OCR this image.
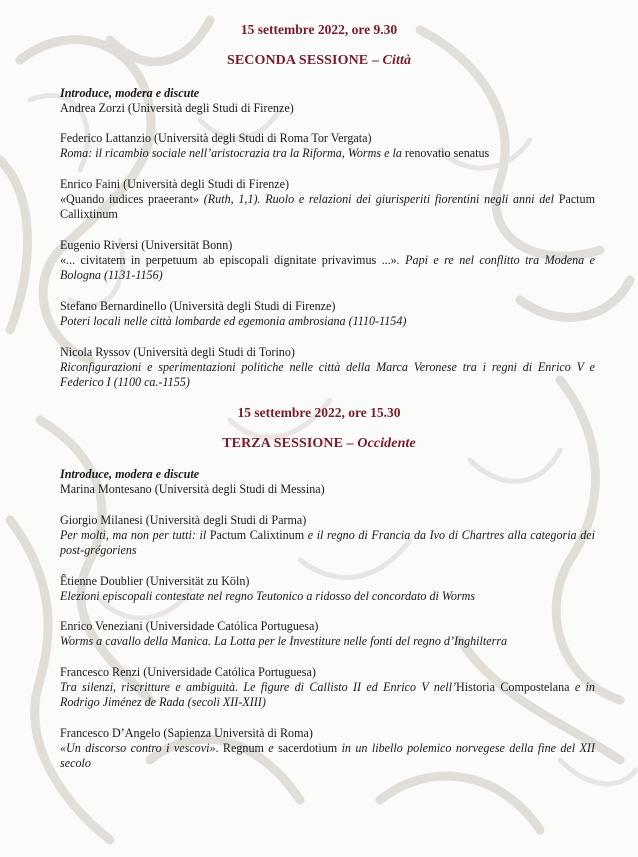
15 settembre 2022, ore 9.30
SECONDA SESSIONE – Città
Introduce, modera e discute
Andrea Zorzi (Università degli Studi di Firenze)
Federico Lattanzio (Università degli Studi di Roma Tor Vergata)
Roma: il ricambio sociale nell’aristocrazia tra la Riforma, Worms e la renovatio senatus
Enrico Faini (Università degli Studi di Firenze)
«Quando iudices praeerant» (Ruth, 1,1). Ruolo e relazioni dei giurisperiti fiorentini negli anni del Pactum Callixtinum
Eugenio Riversi (Universität Bonn)
«... civitatem in perpetuum ab episcopali dignitate privavimus ...». Papi e re nel conflitto tra Modena e Bologna (1131-1156)
Stefano Bernardinello (Università degli Studi di Firenze)
Poteri locali nelle città lombarde ed egemonia ambrosiana (1110-1154)
Nicola Ryssov (Università degli Studi di Torino)
Riconfigurazioni e sperimentazioni politiche nelle città della Marca Veronese tra i regni di Enrico V e Federico I (1100 ca.-1155)
15 settembre 2022, ore 15.30
TERZA SESSIONE – Occidente
Introduce, modera e discute
Marina Montesano (Università degli Studi di Messina)
Giorgio Milanesi (Università degli Studi di Parma)
Per molti, ma non per tutti: il Pactum Calixtinum e il regno di Francia da Ivo di Chartres alla categoria dei post-grégoriens
Êtienne Doublier (Universität zu Köln)
Elezioni episcopali contestate nel regno Teutonico a ridosso del concordato di Worms
Enrico Veneziani (Universidade Católica Portuguesa)
Worms a cavallo della Manica. La Lotta per le Investiture nelle fonti del regno d’Inghilterra
Francesco Renzi (Universidade Católica Portuguesa)
Tra silenzi, riscritture e ambiguità. Le figure di Callisto II ed Enrico V nell’Historia Compostelana e in Rodrigo Jiménez de Rada (secoli XII-XIII)
Francesco D’Angelo (Sapienza Università di Roma)
«Un discorso contro i vescovi». Regnum e sacerdotium in un libello polemico norvegese della fine del XII secolo
